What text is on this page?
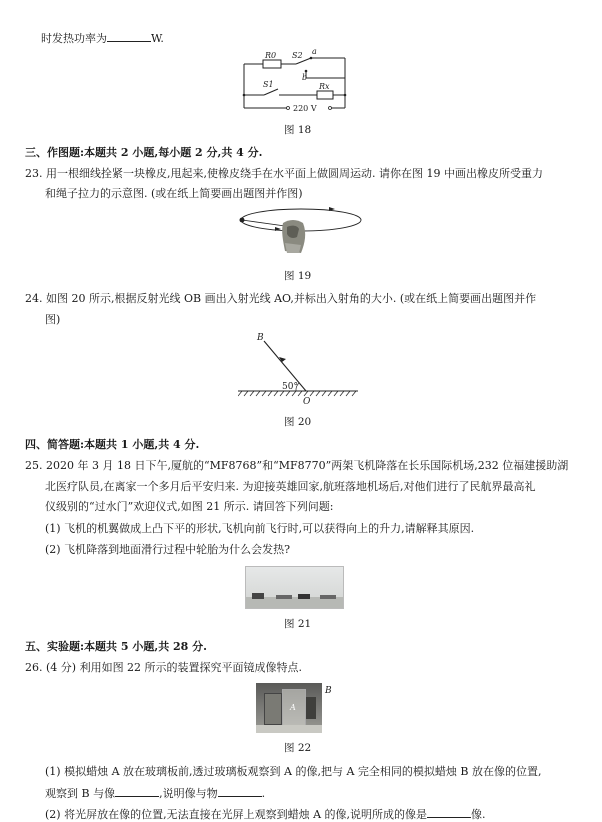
时发热功率为	W.
R0 S2 a
b
S1	Rx
220 V
图 18
三、作图题:本题共 2 小题,每小题 2 分,共 4 分.
23. 用一根细线拴紧一块橡皮,甩起来,使橡皮绕手在水平面上做圆周运动. 请你在图 19 中画出橡皮所受重力
和绳子拉力的示意图. (或在纸上简要画出题图并作图)
图 19
24. 如图 20 所示,根据反射光线 OB 画出入射光线 AO,并标出入射角的大小. (或在纸上简要画出题图并作
图)
B
50°
O
图 20
四、简答题:本题共 1 小题,共 4 分.
25. 2020 年 3 月 18 日下午,厦航的“MF8768”和“MF8770”两架飞机降落在长乐国际机场,232 位福建援助湖
北医疗队员,在离家一个多月后平安归来. 为迎接英雄回家,航班落地机场后,对他们进行了民航界最高礼
仪级别的“过水门”欢迎仪式,如图 21 所示. 请回答下列问题:
(1) 飞机的机翼做成上凸下平的形状,飞机向前飞行时,可以获得向上的升力,请解释其原因.
(2) 飞机降落到地面滑行过程中轮胎为什么会发热?
图 21
五、实验题:本题共 5 小题,共 28 分.
26. (4 分) 利用如图 22 所示的装置探究平面镜成像特点.
A
B
图 22
(1) 模拟蜡烛 A 放在玻璃板前,透过玻璃板观察到 A 的像,把与 A 完全相同的模拟蜡烛 B 放在像的位置,
观察到 B 与像	,说明像与物	.
(2) 将光屏放在像的位置,无法直接在光屏上观察到蜡烛 A 的像,说明所成的像是	像.
